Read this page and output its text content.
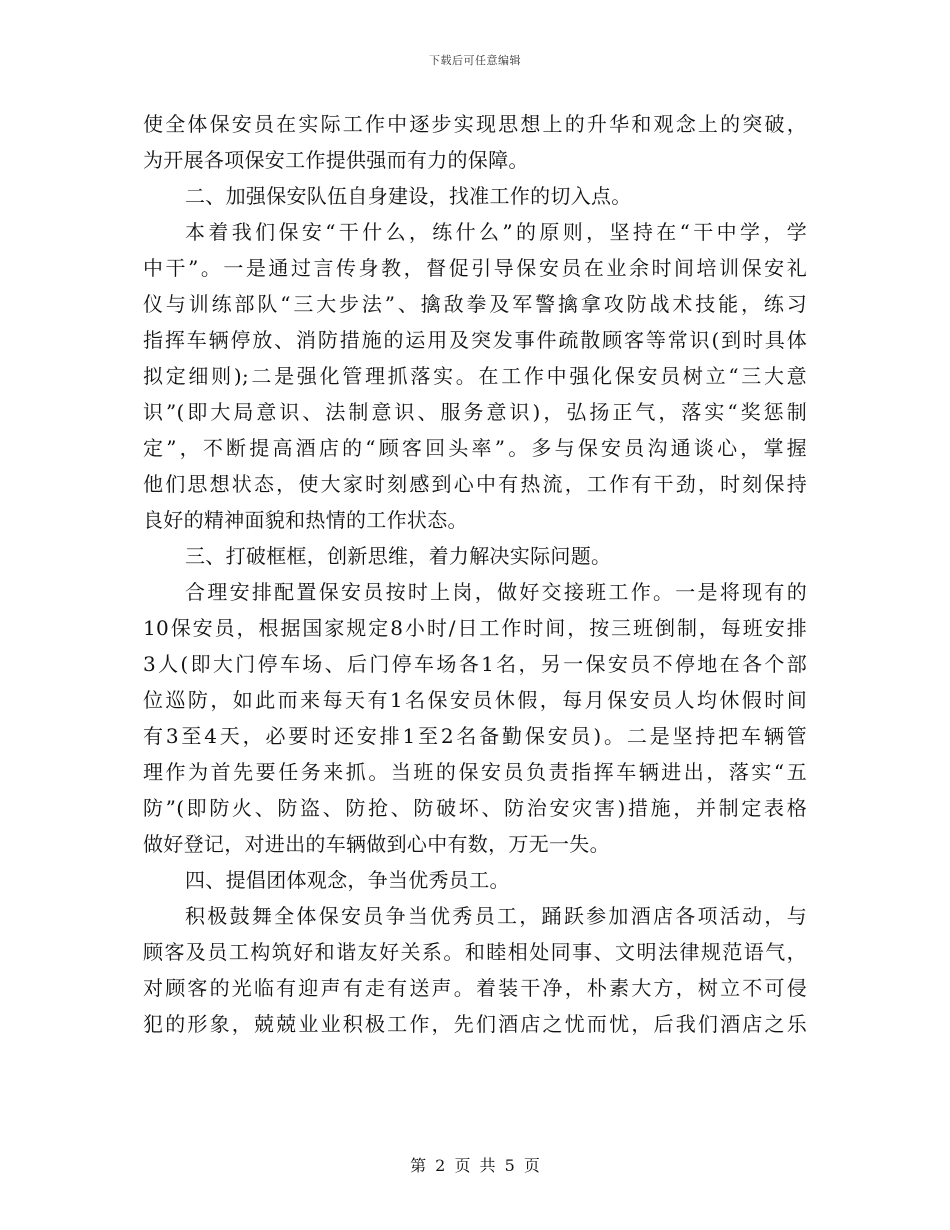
下载后可任意编辑
使全体保安员在实际工作中逐步实现思想上的升华和观念上的突破，
为开展各项保安工作提供强而有力的保障。
二、加强保安队伍自身建设，找准工作的切入点。
本着我们保安“干什么，练什么”的原则，坚持在“干中学，学
中干”。一是通过言传身教，督促引导保安员在业余时间培训保安礼
仪与训练部队“三大步法”、擒敌拳及军警擒拿攻防战术技能，练习
指挥车辆停放、消防措施的运用及突发事件疏散顾客等常识(到时具体
拟定细则);二是强化管理抓落实。在工作中强化保安员树立“三大意
识”(即大局意识、法制意识、服务意识)，弘扬正气，落实“奖惩制
定”，不断提高酒店的“顾客回头率”。多与保安员沟通谈心，掌握
他们思想状态，使大家时刻感到心中有热流，工作有干劲，时刻保持
良好的精神面貌和热情的工作状态。
三、打破框框，创新思维，着力解决实际问题。
合理安排配置保安员按时上岗，做好交接班工作。一是将现有的
10保安员，根据国家规定8小时/日工作时间，按三班倒制，每班安排
3人(即大门停车场、后门停车场各1名，另一保安员不停地在各个部
位巡防，如此而来每天有1名保安员休假，每月保安员人均休假时间
有3至4天，必要时还安排1至2名备勤保安员)。二是坚持把车辆管
理作为首先要任务来抓。当班的保安员负责指挥车辆进出，落实“五
防”(即防火、防盗、防抢、防破坏、防治安灾害)措施，并制定表格
做好登记，对进出的车辆做到心中有数，万无一失。
四、提倡团体观念，争当优秀员工。
积极鼓舞全体保安员争当优秀员工，踊跃参加酒店各项活动，与
顾客及员工构筑好和谐友好关系。和睦相处同事、文明法律规范语气，
对顾客的光临有迎声有走有送声。着装干净，朴素大方，树立不可侵
犯的形象，兢兢业业积极工作，先们酒店之忧而忧，后我们酒店之乐
第 2 页 共 5 页
